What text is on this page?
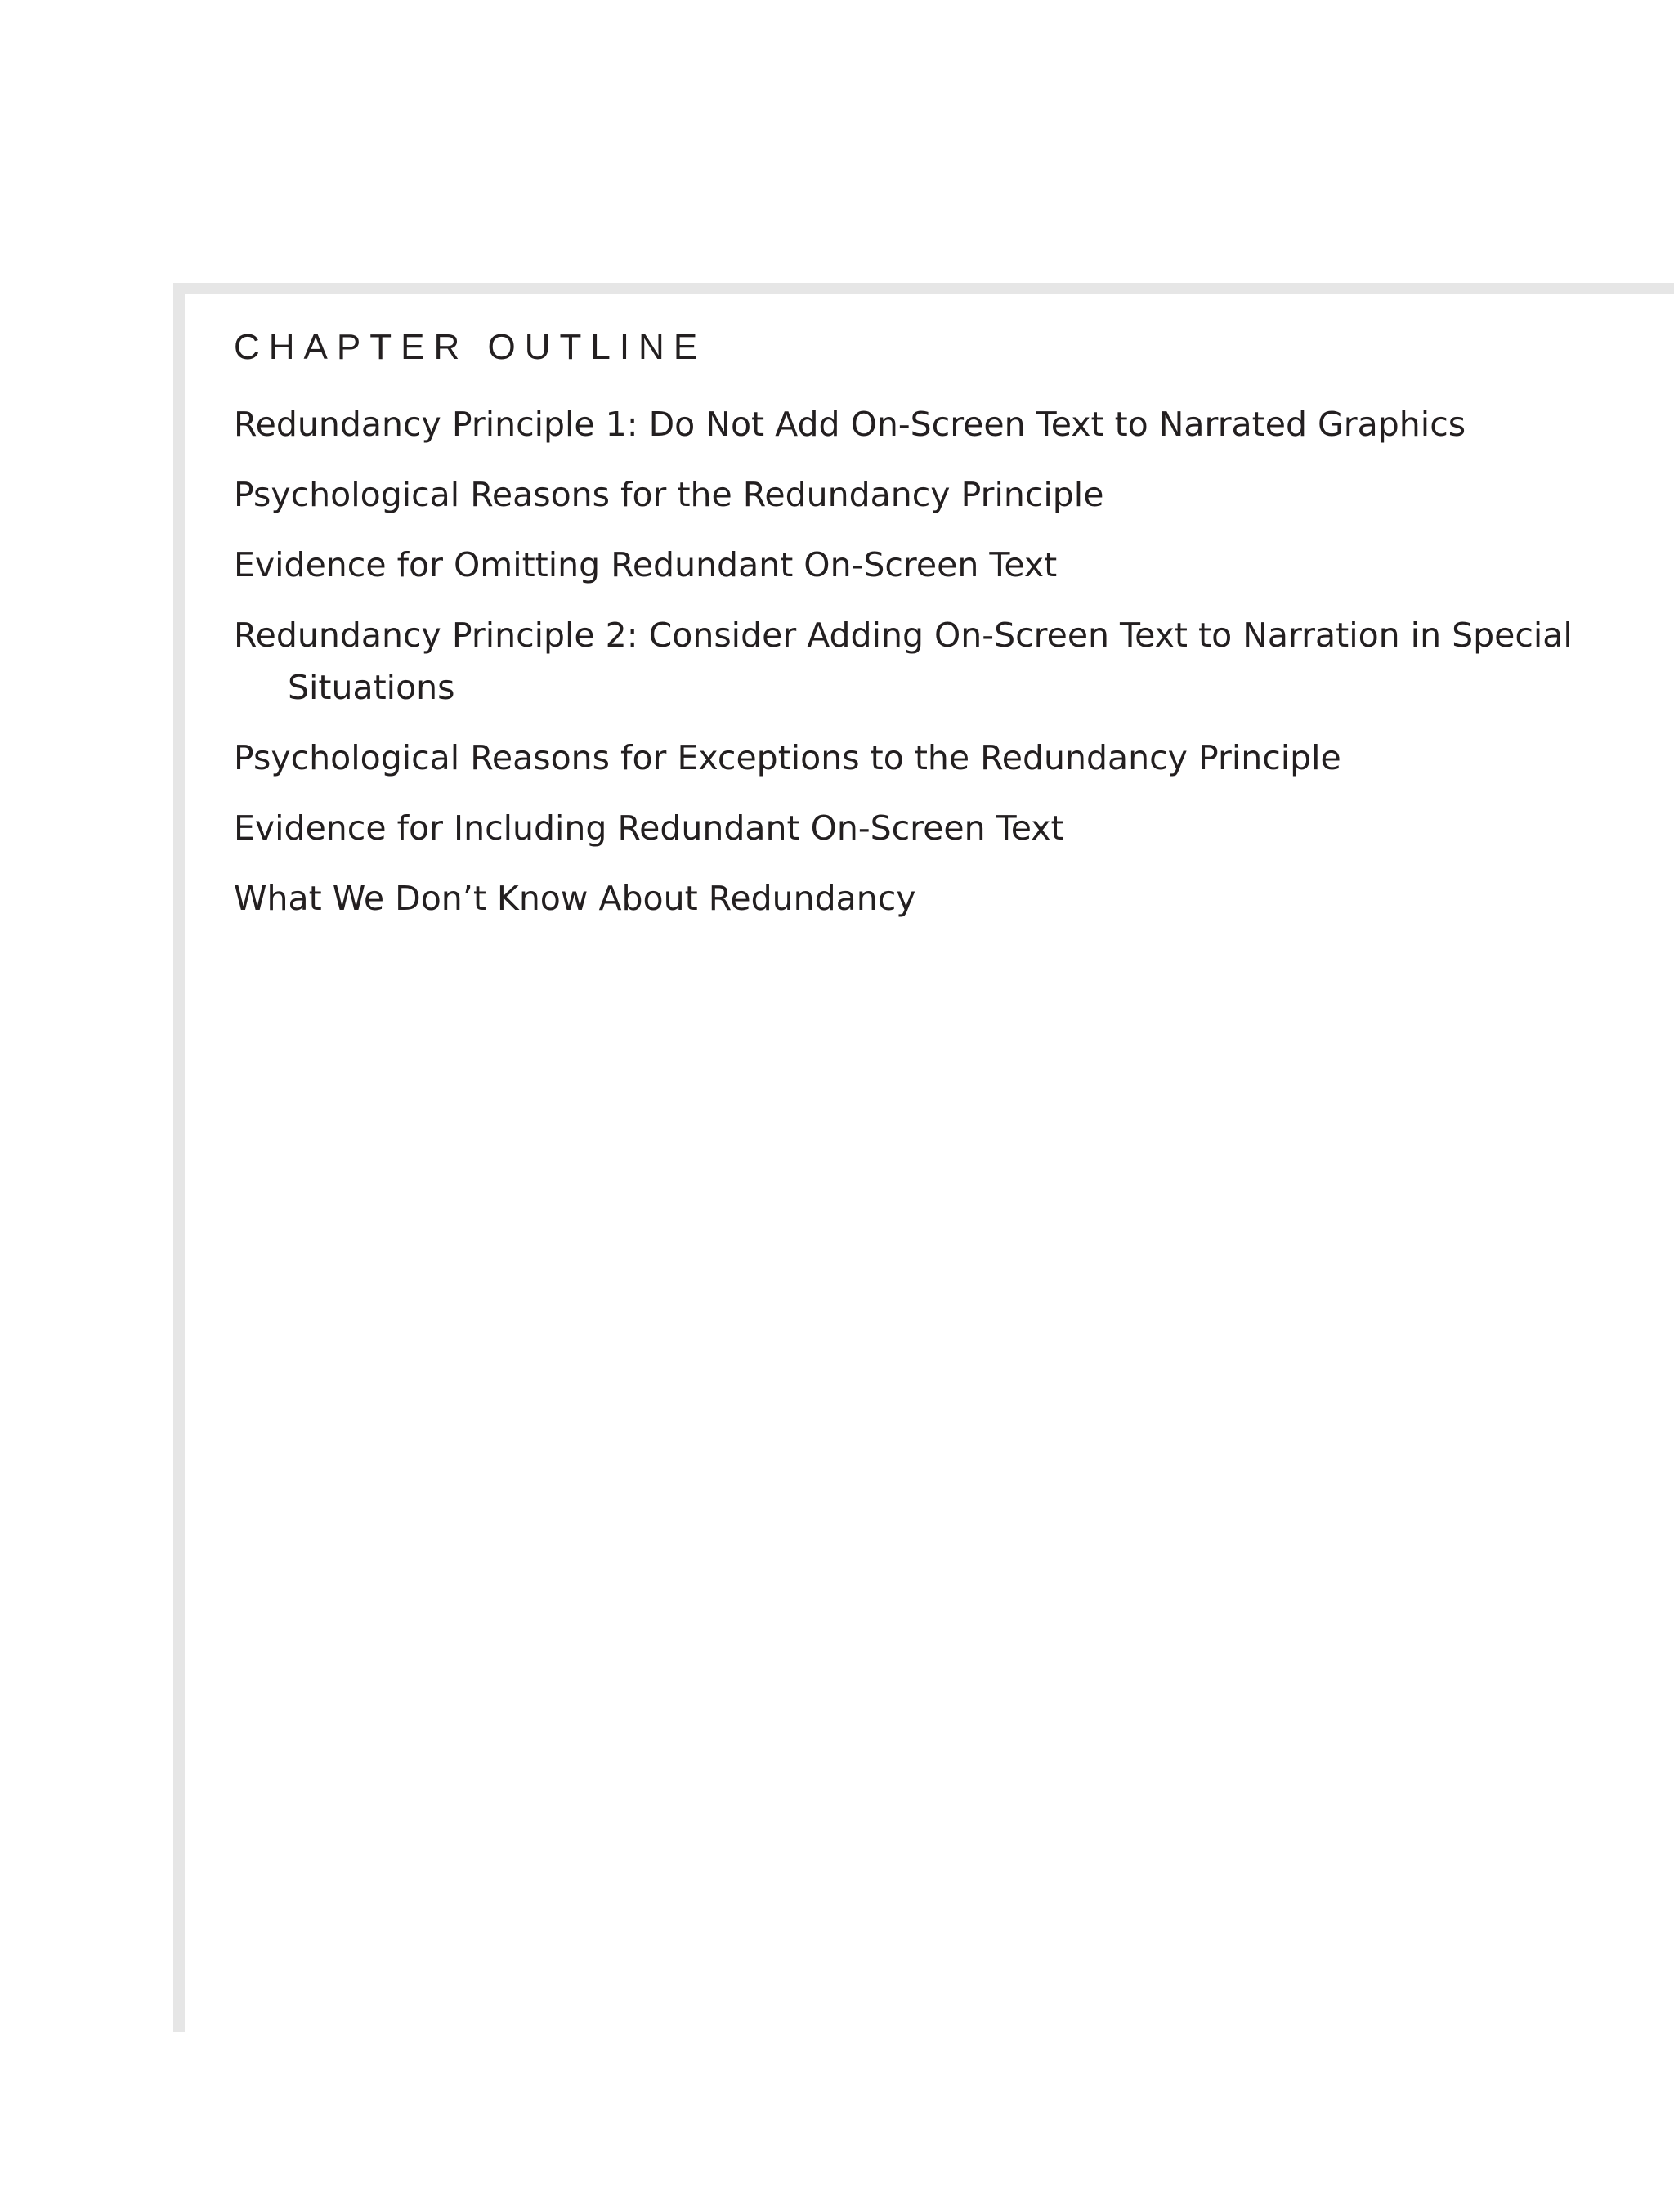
CHAPTER OUTLINE
Redundancy Principle 1: Do Not Add On-Screen Text to Narrated Graphics
Psychological Reasons for the Redundancy Principle
Evidence for Omitting Redundant On-Screen Text
Redundancy Principle 2: Consider Adding On-Screen Text to Narration in Special Situations
Psychological Reasons for Exceptions to the Redundancy Principle
Evidence for Including Redundant On-Screen Text
What We Don’t Know About Redundancy
